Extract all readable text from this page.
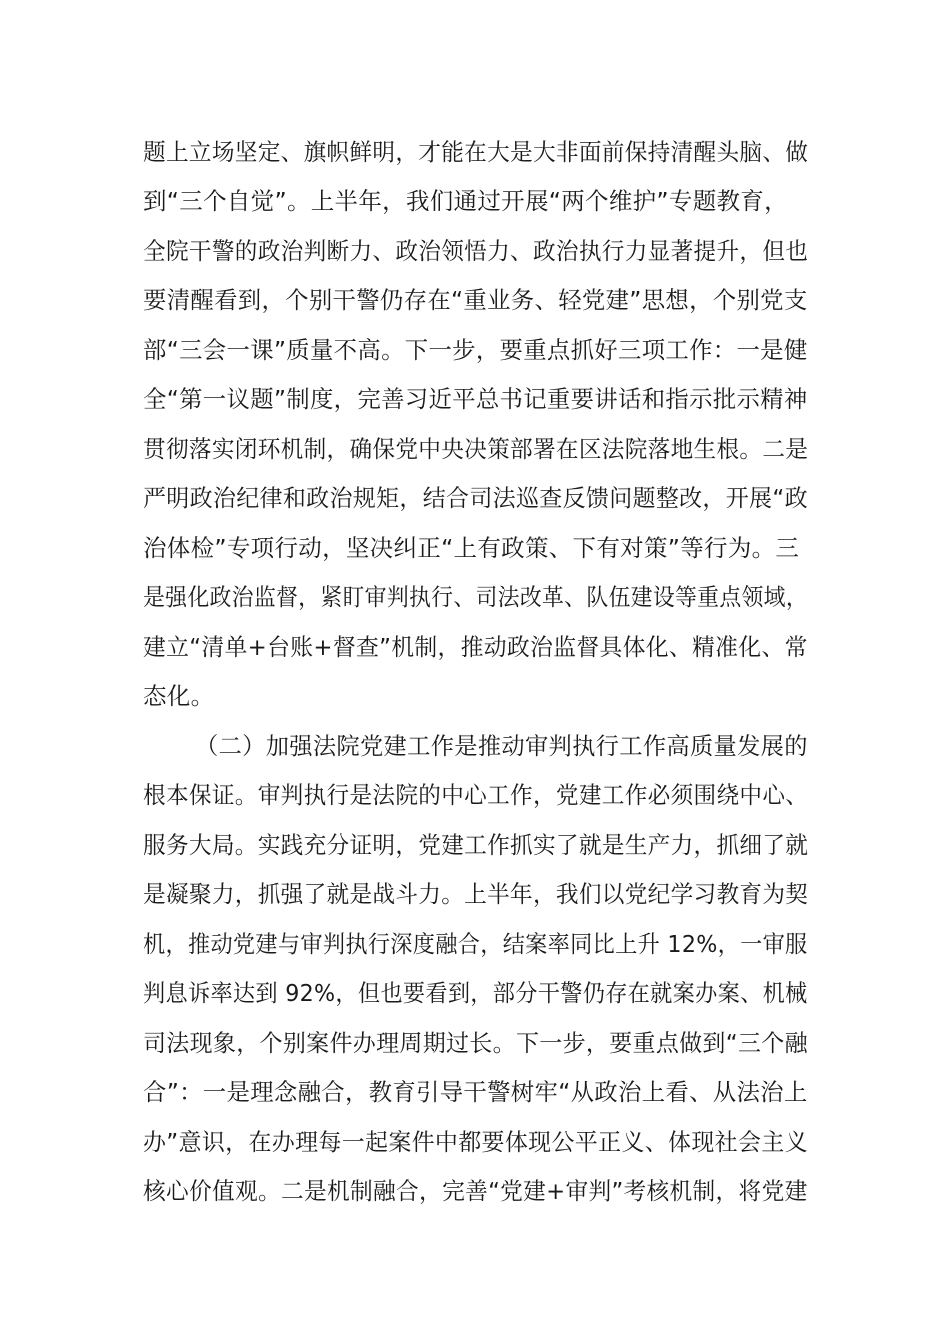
题上立场坚定、旗帜鲜明，才能在大是大非面前保持清醒头脑、做
到“三个自觉”。上半年，我们通过开展“两个维护”专题教育，
全院干警的政治判断力、政治领悟力、政治执行力显著提升，但也
要清醒看到，个别干警仍存在“重业务、轻党建”思想，个别党支
部“三会一课”质量不高。下一步，要重点抓好三项工作：一是健
全“第一议题”制度，完善习近平总书记重要讲话和指示批示精神
贯彻落实闭环机制，确保党中央决策部署在区法院落地生根。二是
严明政治纪律和政治规矩，结合司法巡查反馈问题整改，开展“政
治体检”专项行动，坚决纠正“上有政策、下有对策”等行为。三
是强化政治监督，紧盯审判执行、司法改革、队伍建设等重点领域，
建立“清单+台账+督查”机制，推动政治监督具体化、精准化、常
态化。
（二）加强法院党建工作是推动审判执行工作高质量发展的
根本保证。审判执行是法院的中心工作，党建工作必须围绕中心、
服务大局。实践充分证明，党建工作抓实了就是生产力，抓细了就
是凝聚力，抓强了就是战斗力。上半年，我们以党纪学习教育为契
机，推动党建与审判执行深度融合，结案率同比上升 12%，一审服
判息诉率达到 92%，但也要看到，部分干警仍存在就案办案、机械
司法现象，个别案件办理周期过长。下一步，要重点做到“三个融
合”：一是理念融合，教育引导干警树牢“从政治上看、从法治上
办”意识，在办理每一起案件中都要体现公平正义、体现社会主义
核心价值观。二是机制融合，完善“党建+审判”考核机制，将党建
